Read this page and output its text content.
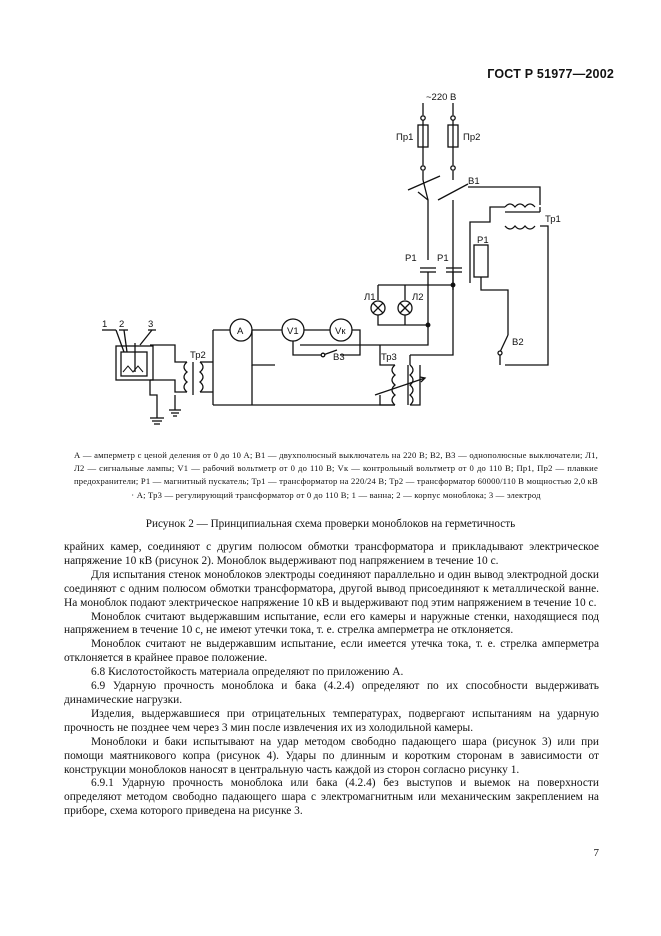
ГОСТ Р 51977—2002
~220 В
Пр1	Пр2
В1
Тр1
Р1
В2
Р1 Р1
Л1	Л2
Тр3
А	V1	Vк
В3
Тр2
1 2 3
А — амперметр с ценой деления от 0 до 10 А; В1 — двухполюсный выключатель на 220 В; В2, В3 — однополюсные выключатели; Л1, Л2 — сигнальные лампы; V1 — рабочий вольтметр от 0 до 110 В; Vк — контрольный вольтметр от 0 до 110 В; Пр1, Пр2 — плавкие предохранители; Р1 — магнитный пускатель; Тр1 — трансформатор на 220/24 В; Тр2 — трансформатор 60000/110 В мощностью 2,0 кВ · А; Тр3 — регулирующий трансформатор от 0 до 110 В; 1 — ванна; 2 — корпус моноблока; 3 — электрод
Рисунок 2 — Принципиальная схема проверки моноблоков на герметичность

крайних камер, соединяют с другим полюсом обмотки трансформатора и прикладывают электрическое напряжение 10 кВ (рисунок 2). Моноблок выдерживают под напряжением в течение 10 с.

Для испытания стенок моноблоков электроды соединяют параллельно и один вывод электродной доски соединяют с одним полюсом обмотки трансформатора, другой вывод присоединяют к металлической ванне. На моноблок подают электрическое напряжение 10 кВ и выдерживают под этим напряжением в течение 10 с.

Моноблок считают выдержавшим испытание, если его камеры и наружные стенки, находящиеся под напряжением в течение 10 с, не имеют утечки тока, т. е. стрелка амперметра не отклоняется.

Моноблок считают не выдержавшим испытание, если имеется утечка тока, т. е. стрелка амперметра отклоняется в крайнее правое положение.

6.8 Кислотостойкость материала определяют по приложению А.

6.9 Ударную прочность моноблока и бака (4.2.4) определяют по их способности выдерживать динамические нагрузки.

Изделия, выдержавшиеся при отрицательных температурах, подвергают испытаниям на ударную прочность не позднее чем через 3 мин после извлечения их из холодильной камеры.

Моноблоки и баки испытывают на удар методом свободно падающего шара (рисунок 3) или при помощи маятникового копра (рисунок 4). Удары по длинным и коротким сторонам в зависимости от конструкции моноблоков наносят в центральную часть каждой из сторон согласно рисунку 1.

6.9.1 Ударную прочность моноблока или бака (4.2.4) без выступов и выемок на поверхности определяют методом свободно падающего шара с электромагнитным или механическим закреплением на приборе, схема которого приведена на рисунке 3.

7
